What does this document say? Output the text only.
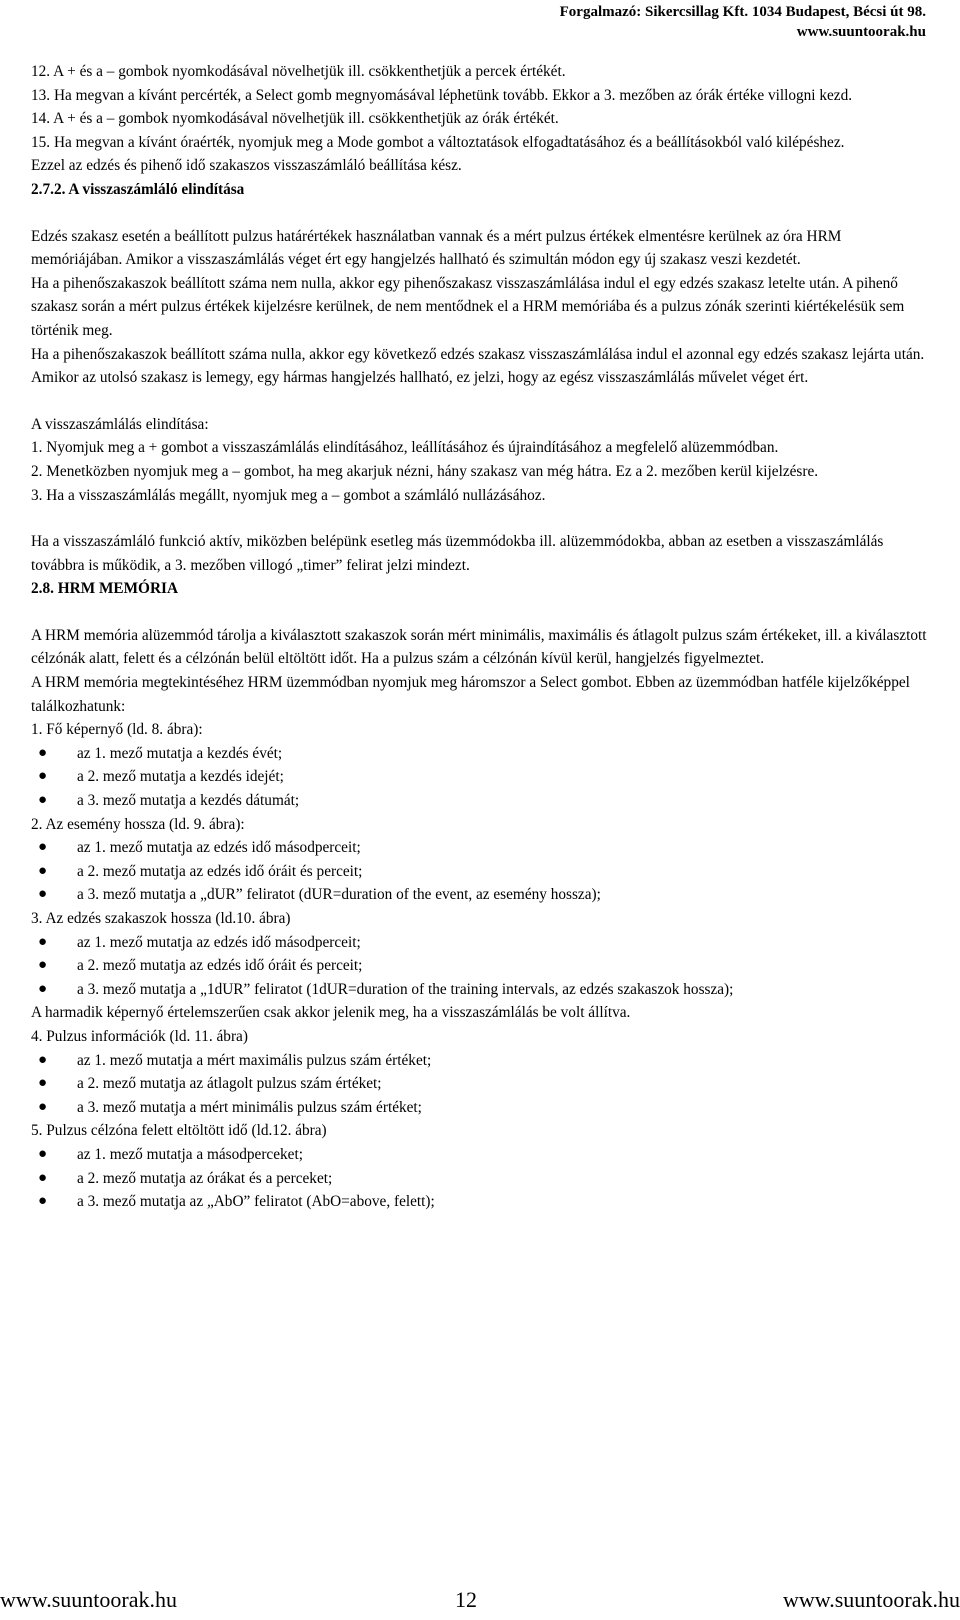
Forgalmazó: Sikercsillag Kft. 1034 Budapest, Bécsi út 98.
www.suuntoorak.hu

12. A + és a – gombok nyomkodásával növelhetjük ill. csökkenthetjük a percek értékét.

13. Ha megvan a kívánt percérték, a Select gomb megnyomásával léphetünk tovább. Ekkor a 3. mezőben az órák értéke villogni kezd.

14. A + és a – gombok nyomkodásával növelhetjük ill. csökkenthetjük az órák értékét.

15. Ha megvan a kívánt óraérték, nyomjuk meg a Mode gombot a változtatások elfogadtatásához és a beállításokból való kilépéshez.

Ezzel az edzés és pihenő idő szakaszos visszaszámláló beállítása kész.

2.7.2. A visszaszámláló elindítása

Edzés szakasz esetén a beállított pulzus határértékek használatban vannak és a mért pulzus értékek elmentésre kerülnek az óra HRM memóriájában. Amikor a visszaszámlálás véget ért egy hangjelzés hallható és szimultán módon egy új szakasz veszi kezdetét.

Ha a pihenőszakaszok beállított száma nem nulla, akkor egy pihenőszakasz visszaszámlálása indul el egy edzés szakasz letelte után. A pihenő szakasz során a mért pulzus értékek kijelzésre kerülnek, de nem mentődnek el a HRM memóriába és a pulzus zónák szerinti kiértékelésük sem történik meg.

Ha a pihenőszakaszok beállított száma nulla, akkor egy következő edzés szakasz visszaszámlálása indul el azonnal egy edzés szakasz lejárta után. Amikor az utolsó szakasz is lemegy, egy hármas hangjelzés hallható, ez jelzi, hogy az egész visszaszámlálás művelet véget ért.

A visszaszámlálás elindítása:

1. Nyomjuk meg a + gombot a visszaszámlálás elindításához, leállításához és újraindításához a megfelelő alüzemmódban.

2. Menetközben nyomjuk meg a – gombot, ha meg akarjuk nézni, hány szakasz van még hátra. Ez a 2. mezőben kerül kijelzésre.

3. Ha a visszaszámlálás megállt, nyomjuk meg a – gombot a számláló nullázásához.

Ha a visszaszámláló funkció aktív, miközben belépünk esetleg más üzemmódokba ill. alüzemmódokba, abban az esetben a visszaszámlálás továbbra is működik, a 3. mezőben villogó „timer” felirat jelzi mindezt.

2.8. HRM MEMÓRIA

A HRM memória alüzemmód tárolja a kiválasztott szakaszok során mért minimális, maximális és átlagolt pulzus szám értékeket, ill. a kiválasztott célzónák alatt, felett és a célzónán belül eltöltött időt. Ha a pulzus szám a célzónán kívül kerül, hangjelzés figyelmeztet.

A HRM memória megtekintéséhez HRM üzemmódban nyomjuk meg háromszor a Select gombot. Ebben az üzemmódban hatféle kijelzőképpel találkozhatunk:

1. Fő képernyő (ld. 8. ábra):

● az 1. mező mutatja a kezdés évét;
● a 2. mező mutatja a kezdés idejét;
● a 3. mező mutatja a kezdés dátumát;

2. Az esemény hossza (ld. 9. ábra):

● az 1. mező mutatja az edzés idő másodperceit;
● a 2. mező mutatja az edzés idő óráit és perceit;
● a 3. mező mutatja a „dUR” feliratot (dUR=duration of the event, az esemény hossza);

3. Az edzés szakaszok hossza (ld.10. ábra)

● az 1. mező mutatja az edzés idő másodperceit;
● a 2. mező mutatja az edzés idő óráit és perceit;
● a 3. mező mutatja a „1dUR” feliratot (1dUR=duration of the training intervals, az edzés szakaszok hossza);

A harmadik képernyő értelemszerűen csak akkor jelenik meg, ha a visszaszámlálás be volt állítva.

4. Pulzus információk (ld. 11. ábra)

● az 1. mező mutatja a mért maximális pulzus szám értéket;
● a 2. mező mutatja az átlagolt pulzus szám értéket;
● a 3. mező mutatja a mért minimális pulzus szám értéket;

5. Pulzus célzóna felett eltöltött idő (ld.12. ábra)

● az 1. mező mutatja a másodperceket;
● a 2. mező mutatja az órákat és a perceket;
● a 3. mező mutatja az „AbO” feliratot (AbO=above, felett);
www.suuntoorak.hu	12	www.suuntoorak.hu
